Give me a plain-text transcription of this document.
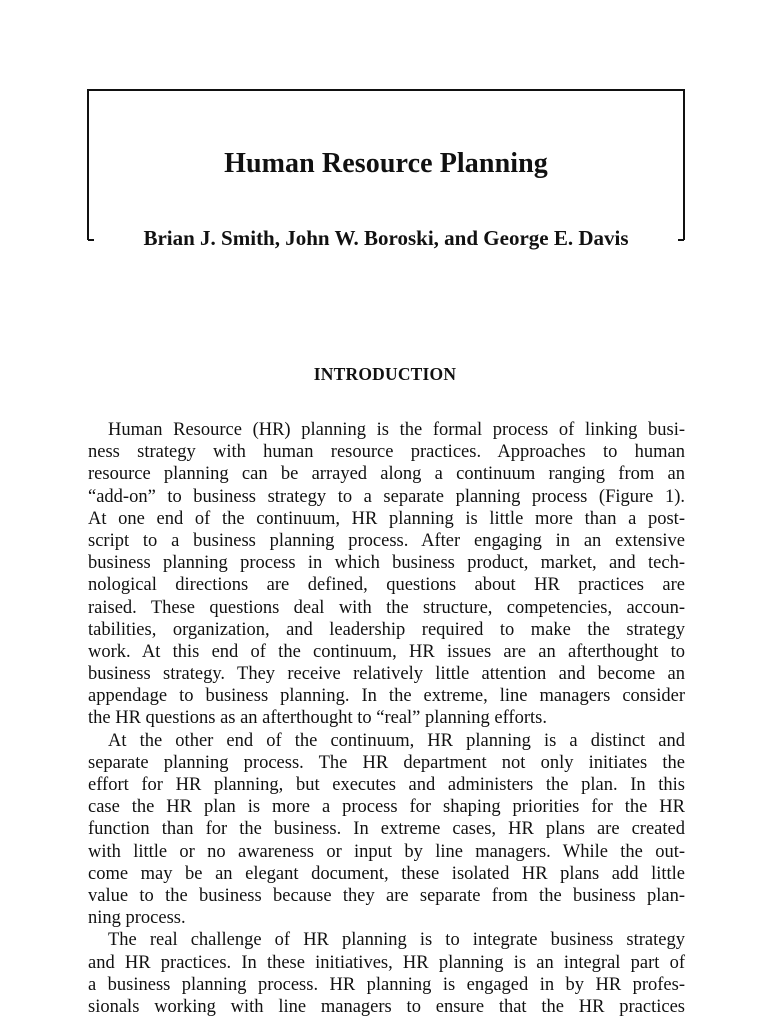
Human Resource Planning
Brian J. Smith, John W. Boroski, and George E. Davis
INTRODUCTION
Human Resource (HR) planning is the formal process of linking busi-
ness strategy with human resource practices. Approaches to human
resource planning can be arrayed along a continuum ranging from an
“add-on” to business strategy to a separate planning process (Figure 1).
At one end of the continuum, HR planning is little more than a post-
script to a business planning process. After engaging in an extensive
business planning process in which business product, market, and tech-
nological directions are defined, questions about HR practices are
raised. These questions deal with the structure, competencies, accoun-
tabilities, organization, and leadership required to make the strategy
work. At this end of the continuum, HR issues are an afterthought to
business strategy. They receive relatively little attention and become an
appendage to business planning. In the extreme, line managers consider
the HR questions as an afterthought to “real” planning efforts.
At the other end of the continuum, HR planning is a distinct and
separate planning process. The HR department not only initiates the
effort for HR planning, but executes and administers the plan. In this
case the HR plan is more a process for shaping priorities for the HR
function than for the business. In extreme cases, HR plans are created
with little or no awareness or input by line managers. While the out-
come may be an elegant document, these isolated HR plans add little
value to the business because they are separate from the business plan-
ning process.
The real challenge of HR planning is to integrate business strategy
and HR practices. In these initiatives, HR planning is an integral part of
a business planning process. HR planning is engaged in by HR profes-
sionals working with line managers to ensure that the HR practices
